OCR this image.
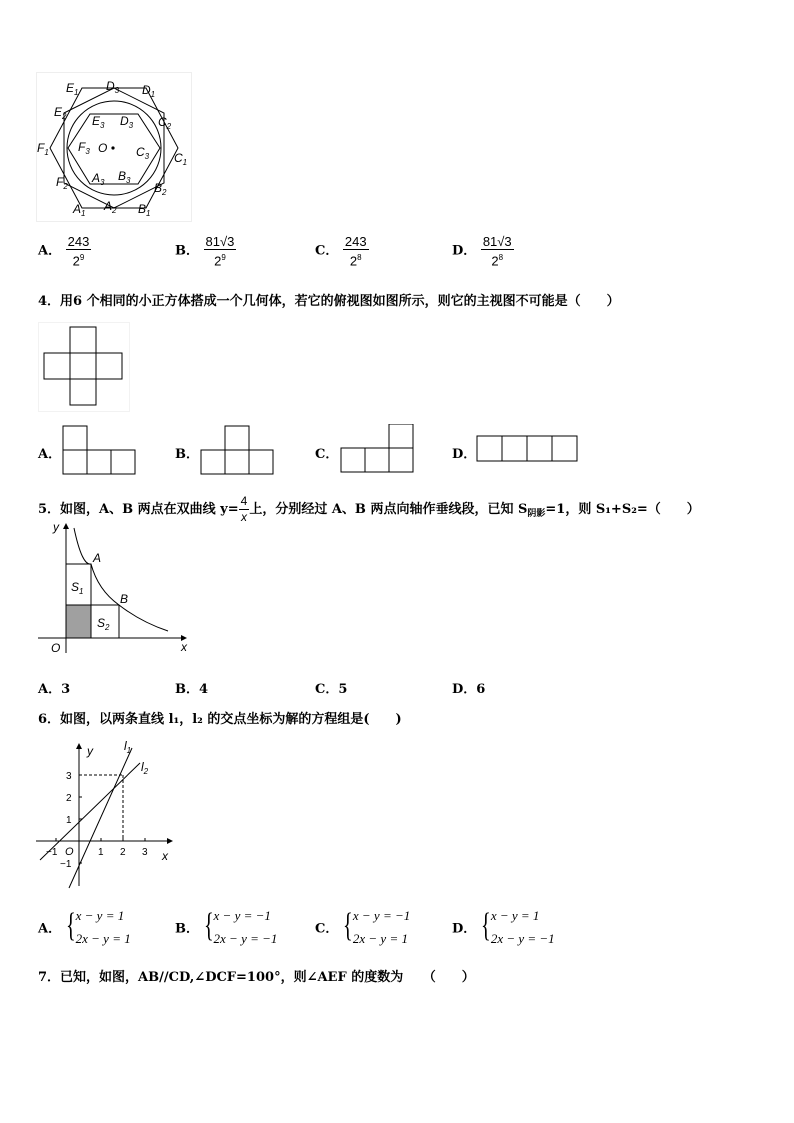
$E_1$ $D_3$ $D_1$
$E_2$ $E_3$ $D_3$ $C_2$
$F_1$ $F_3$ O $C_3$ $C_1$
$F_2$
$A_3$ $B_3$
$B_2$
$A_1$
$A_2$ $B_1$
A． $\frac{243}{2^9}$	B． $\frac{81√3}{2^9}$	C． $\frac{243}{2^8}$	D． $\frac{81√3}{2^8}$
4．用6 个相同的小正方体搭成一个几何体，若它的俯视图如图所示，则它的主视图不可能是（　　）
A．	B．	C．	D．
5．如图，A、B 两点在双曲线 $y= \frac{4}{x}$ 上，分别经过 A、B 两点向轴作垂线段，已知 $S_{阴影}=1$，则 S₁+S₂=（　　）
y
x
O
A
B
$S_1$
$S_2$
A．3	B．4	C．5	D．6
6．如图，以两条直线 l₁，l₂ 的交点坐标为解的方程组是(　　)
y
x
O
$l_1$
$l_2$
−1	1 2 3
3
2
1
−1
A． { x − y = 1
2x − y = 1
B． { x − y = −1
2x − y = −1
C． { x − y = −1
2x − y = 1
D． { x − y = 1
2x − y = −1
7．已知，如图，AB//CD,∠DCF=100°，则∠AEF 的度数为　　（　　）
